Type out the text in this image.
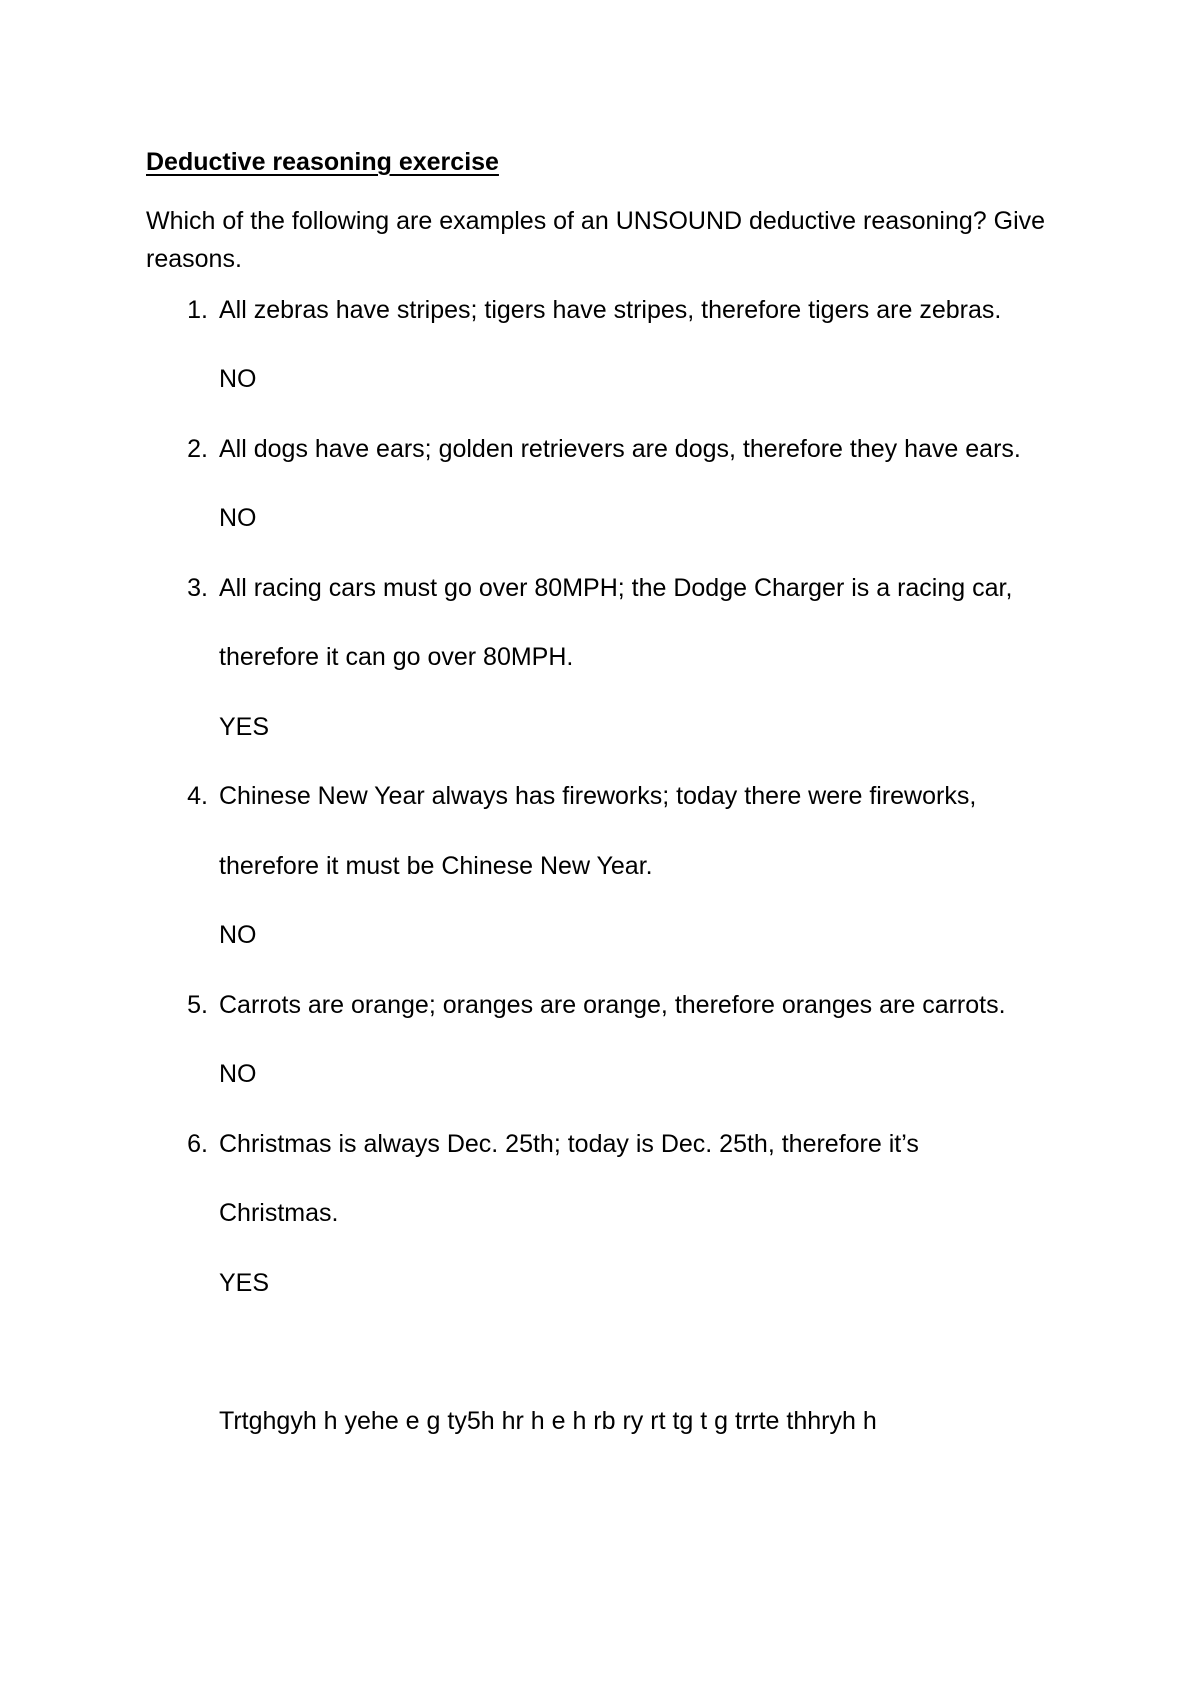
Deductive reasoning exercise
Which of the following are examples of an UNSOUND deductive reasoning? Give reasons.
1. All zebras have stripes; tigers have stripes, therefore tigers are zebras.
NO
2. All dogs have ears; golden retrievers are dogs, therefore they have ears.
NO
3. All racing cars must go over 80MPH; the Dodge Charger is a racing car,
therefore it can go over 80MPH.
YES
4. Chinese New Year always has fireworks; today there were fireworks,
therefore it must be Chinese New Year.
NO
5. Carrots are orange; oranges are orange, therefore oranges are carrots.
NO
6. Christmas is always Dec. 25th; today is Dec. 25th, therefore it’s
Christmas.
YES
Trtghgyh h yehe e g ty5h hr h e h rb ry rt tg t g trrte thhryh h
